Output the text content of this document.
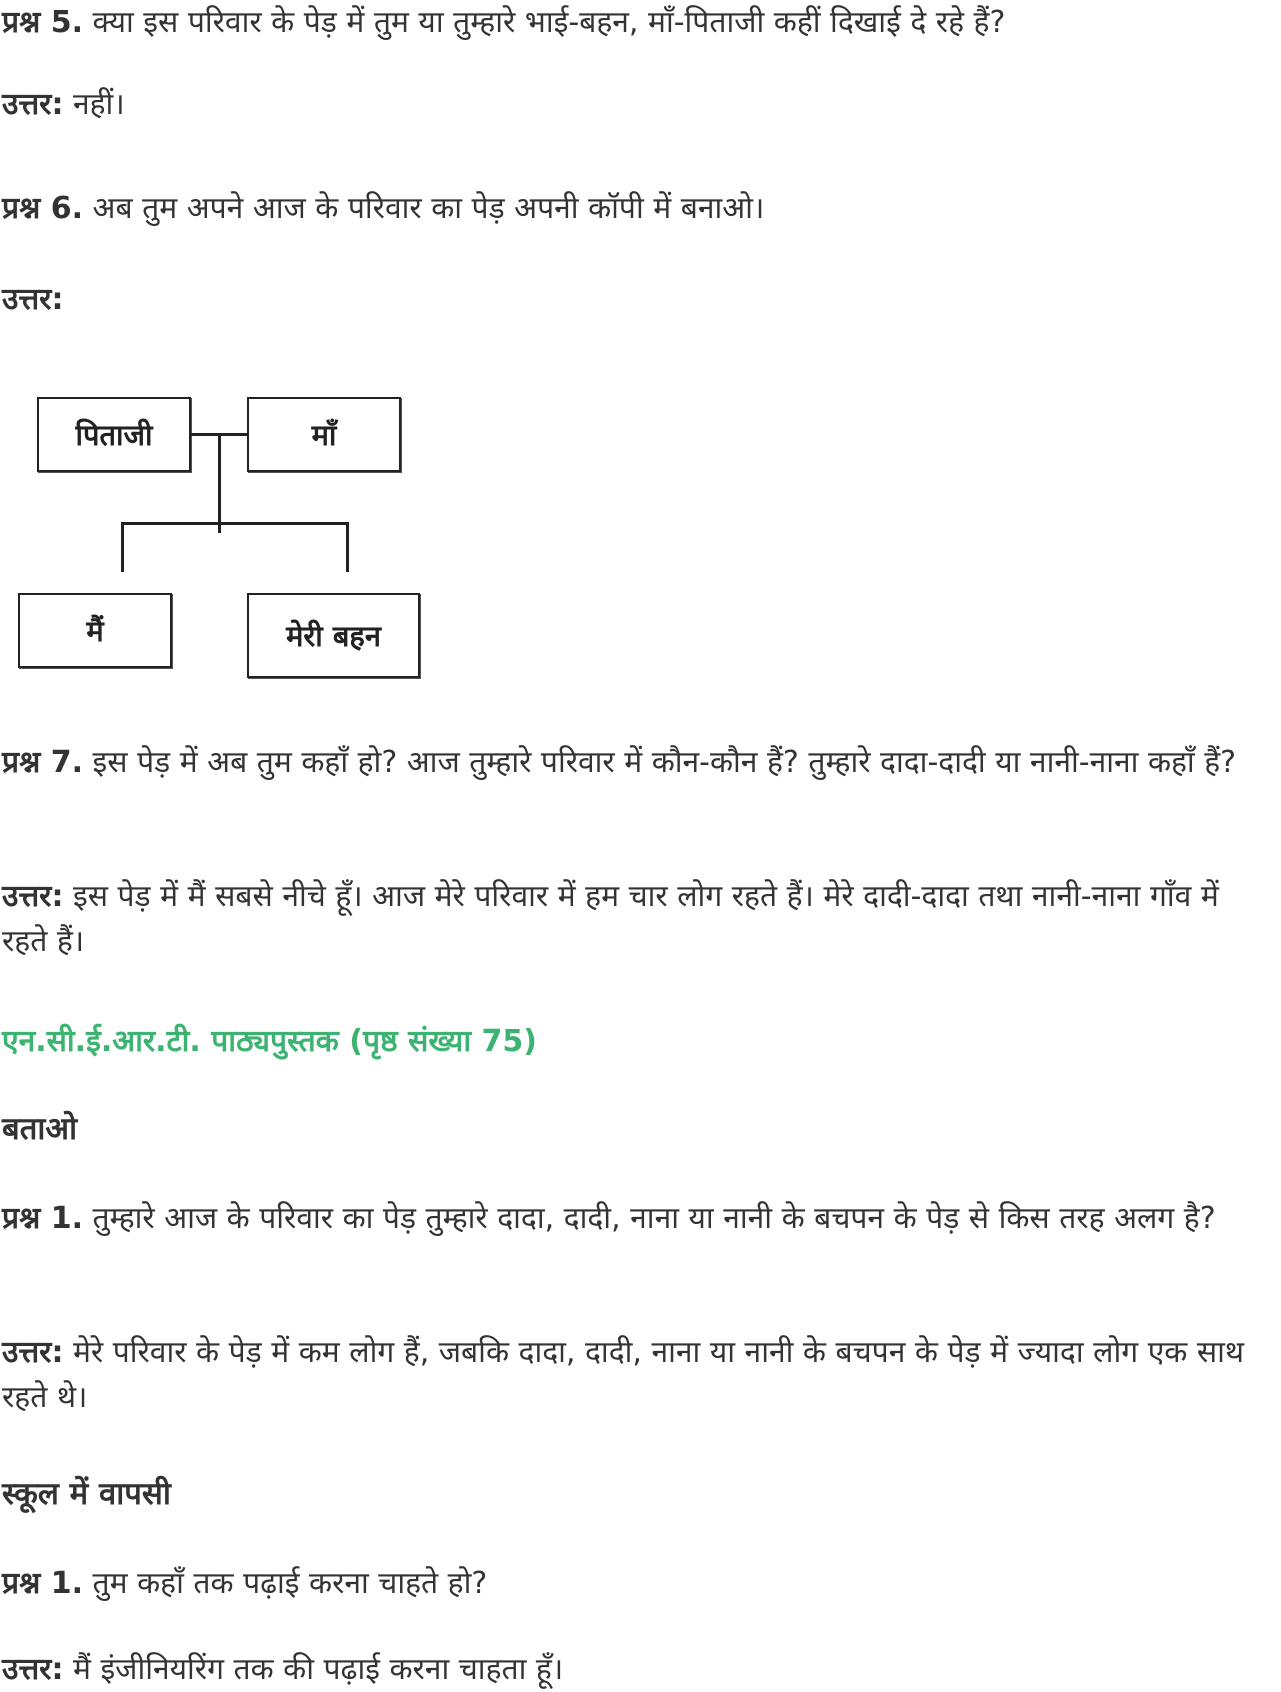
प्रश्न 5. क्या इस परिवार के पेड़ में तुम या तुम्हारे भाई-बहन, माँ-पिताजी कहीं दिखाई दे रहे हैं?

उत्तर: नहीं।

प्रश्न 6. अब तुम अपने आज के परिवार का पेड़ अपनी कॉपी में बनाओ।

उत्तर:

पिताजी	माँ
मैं	मेरी बहन

प्रश्न 7. इस पेड़ में अब तुम कहाँ हो? आज तुम्हारे परिवार में कौन-कौन हैं? तुम्हारे दादा-दादी या नानी-नाना कहाँ हैं?

उत्तर: इस पेड़ में मैं सबसे नीचे हूँ। आज मेरे परिवार में हम चार लोग रहते हैं। मेरे दादी-दादा तथा नानी-नाना गाँव में रहते हैं।

एन.सी.ई.आर.टी. पाठ्यपुस्तक (पृष्ठ संख्या 75)
बताओ

प्रश्न 1. तुम्हारे आज के परिवार का पेड़ तुम्हारे दादा, दादी, नाना या नानी के बचपन के पेड़ से किस तरह अलग है?

उत्तर: मेरे परिवार के पेड़ में कम लोग हैं, जबकि दादा, दादी, नाना या नानी के बचपन के पेड़ में ज्यादा लोग एक साथ रहते थे।

स्कूल में वापसी

प्रश्न 1. तुम कहाँ तक पढ़ाई करना चाहते हो?

उत्तर: मैं इंजीनियरिंग तक की पढ़ाई करना चाहता हूँ।
